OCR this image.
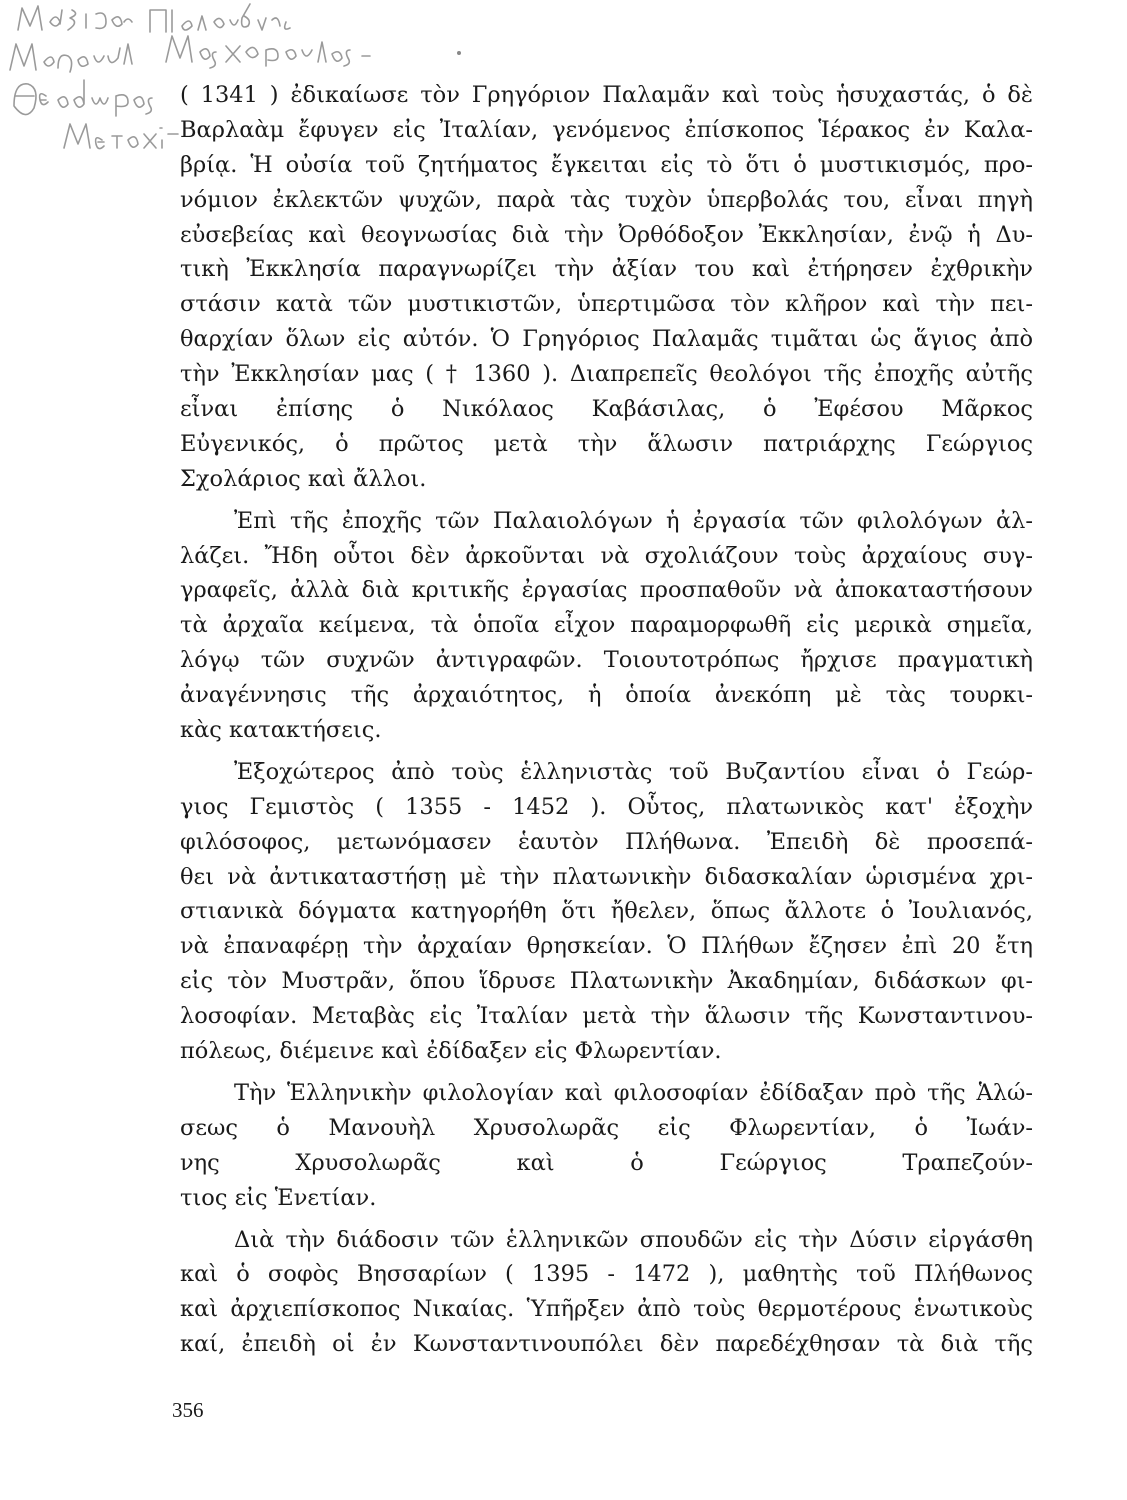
( 1341 ) ἐδικαίωσε τὸν Γρηγόριον Παλαμᾶν καὶ τοὺς ἡσυχαστάς, ὁ δὲ
Βαρλαὰμ ἔφυγεν εἰς Ἰταλίαν, γενόμενος ἐπίσκοπος Ἱέρακος ἐν Καλα-
βρίᾳ. Ἡ οὐσία τοῦ ζητήματος ἔγκειται εἰς τὸ ὅτι ὁ μυστικισμός, προ-
νόμιον ἐκλεκτῶν ψυχῶν, παρὰ τὰς τυχὸν ὑπερβολάς του, εἶναι πηγὴ
εὐσεβείας καὶ θεογνωσίας διὰ τὴν Ὀρθόδοξον Ἐκκλησίαν, ἐνῷ ἡ Δυ-
τικὴ Ἐκκλησία παραγνωρίζει τὴν ἀξίαν του καὶ ἐτήρησεν ἐχθρικὴν
στάσιν κατὰ τῶν μυστικιστῶν, ὑπερτιμῶσα τὸν κλῆρον καὶ τὴν πει-
θαρχίαν ὅλων εἰς αὐτόν. Ὁ Γρηγόριος Παλαμᾶς τιμᾶται ὡς ἅγιος ἀπὸ
τὴν Ἐκκλησίαν μας ( † 1360 ). Διαπρεπεῖς θεολόγοι τῆς ἐποχῆς αὐτῆς
εἶναι ἐπίσης ὁ Νικόλαος Καβάσιλας, ὁ Ἐφέσου Μᾶρκος
Εὐγενικός, ὁ πρῶτος μετὰ τὴν ἅλωσιν πατριάρχης Γεώργιος
Σχολάριος καὶ ἄλλοι.
Ἐπὶ τῆς ἐποχῆς τῶν Παλαιολόγων ἡ ἐργασία τῶν φιλολόγων ἀλ-
λάζει. Ἤδη οὗτοι δὲν ἀρκοῦνται νὰ σχολιάζουν τοὺς ἀρχαίους συγ-
γραφεῖς, ἀλλὰ διὰ κριτικῆς ἐργασίας προσπαθοῦν νὰ ἀποκαταστήσουν
τὰ ἀρχαῖα κείμενα, τὰ ὁποῖα εἶχον παραμορφωθῆ εἰς μερικὰ σημεῖα,
λόγῳ τῶν συχνῶν ἀντιγραφῶν. Τοιουτοτρόπως ἤρχισε πραγματικὴ
ἀναγέννησις τῆς ἀρχαιότητος, ἡ ὁποία ἀνεκόπη μὲ τὰς τουρκι-
κὰς κατακτήσεις.
Ἐξοχώτερος ἀπὸ τοὺς ἑλληνιστὰς τοῦ Βυζαντίου εἶναι ὁ Γεώρ-
γιος Γεμιστὸς ( 1355 - 1452 ). Οὗτος, πλατωνικὸς κατ' ἐξοχὴν
φιλόσοφος, μετωνόμασεν ἑαυτὸν Πλήθωνα. Ἐπειδὴ δὲ προσεπά-
θει νὰ ἀντικαταστήσῃ μὲ τὴν πλατωνικὴν διδασκαλίαν ὡρισμένα χρι-
στιανικὰ δόγματα κατηγορήθη ὅτι ἤθελεν, ὅπως ἄλλοτε ὁ Ἰουλιανός,
νὰ ἐπαναφέρῃ τὴν ἀρχαίαν θρησκείαν. Ὁ Πλήθων ἔζησεν ἐπὶ 20 ἔτη
εἰς τὸν Μυστρᾶν, ὅπου ἵδρυσε Πλατωνικὴν Ἀκαδημίαν, διδάσκων φι-
λοσοφίαν. Μεταβὰς εἰς Ἰταλίαν μετὰ τὴν ἅλωσιν τῆς Κωνσταντινου-
πόλεως, διέμεινε καὶ ἐδίδαξεν εἰς Φλωρεντίαν.
Τὴν Ἑλληνικὴν φιλολογίαν καὶ φιλοσοφίαν ἐδίδαξαν πρὸ τῆς Ἁλώ-
σεως ὁ Μανουὴλ Χρυσολωρᾶς εἰς Φλωρεντίαν, ὁ Ἰωάν-
νης Χρυσολωρᾶς καὶ ὁ Γεώργιος Τραπεζούν-
τιος εἰς Ἑνετίαν.
Διὰ τὴν διάδοσιν τῶν ἑλληνικῶν σπουδῶν εἰς τὴν Δύσιν εἰργάσθη
καὶ ὁ σοφὸς Βησσαρίων ( 1395 - 1472 ), μαθητὴς τοῦ Πλήθωνος
καὶ ἀρχιεπίσκοπος Νικαίας. Ὑπῆρξεν ἀπὸ τοὺς θερμοτέρους ἑνωτικοὺς
καί, ἐπειδὴ οἱ ἐν Κωνσταντινουπόλει δὲν παρεδέχθησαν τὰ διὰ τῆς
356
